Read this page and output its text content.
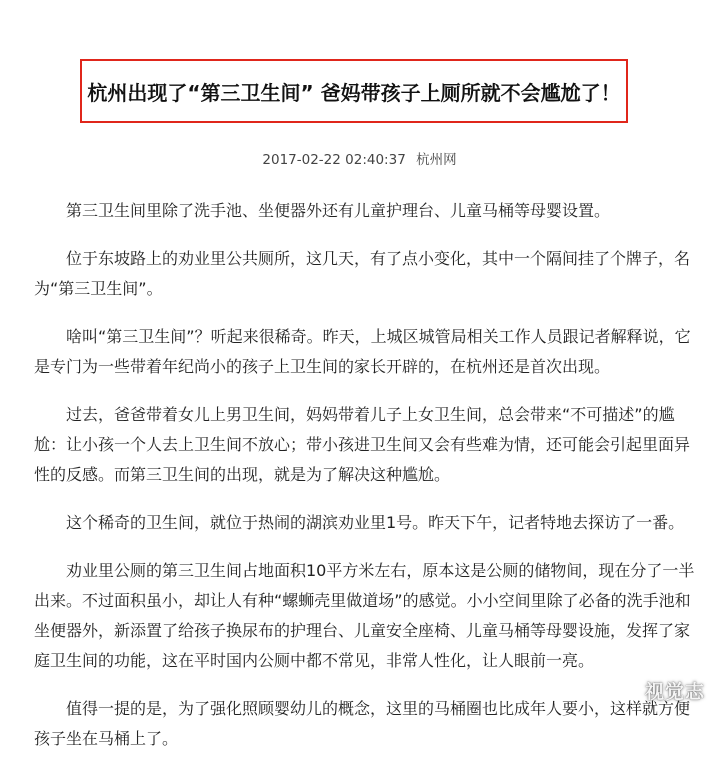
杭州出现了“第三卫生间” 爸妈带孩子上厕所就不会尴尬了！
2017-02-22 02:40:37 杭州网

第三卫生间里除了洗手池、坐便器外还有儿童护理台、儿童马桶等母婴设置。

位于东坡路上的劝业里公共厕所，这几天，有了点小变化，其中一个隔间挂了个牌子，名为“第三卫生间”。

啥叫“第三卫生间”？听起来很稀奇。昨天，上城区城管局相关工作人员跟记者解释说，它是专门为一些带着年纪尚小的孩子上卫生间的家长开辟的，在杭州还是首次出现。

过去，爸爸带着女儿上男卫生间，妈妈带着儿子上女卫生间，总会带来“不可描述”的尴尬：让小孩一个人去上卫生间不放心；带小孩进卫生间又会有些难为情，还可能会引起里面异性的反感。而第三卫生间的出现，就是为了解决这种尴尬。

这个稀奇的卫生间，就位于热闹的湖滨劝业里1号。昨天下午，记者特地去探访了一番。

劝业里公厕的第三卫生间占地面积10平方米左右，原本这是公厕的储物间，现在分了一半出来。不过面积虽小，却让人有种“螺蛳壳里做道场”的感觉。小小空间里除了必备的洗手池和坐便器外，新添置了给孩子换尿布的护理台、儿童安全座椅、儿童马桶等母婴设施，发挥了家庭卫生间的功能，这在平时国内公厕中都不常见，非常人性化，让人眼前一亮。

值得一提的是，为了强化照顾婴幼儿的概念，这里的马桶圈也比成年人要小，这样就方便孩子坐在马桶上了。

视觉志
